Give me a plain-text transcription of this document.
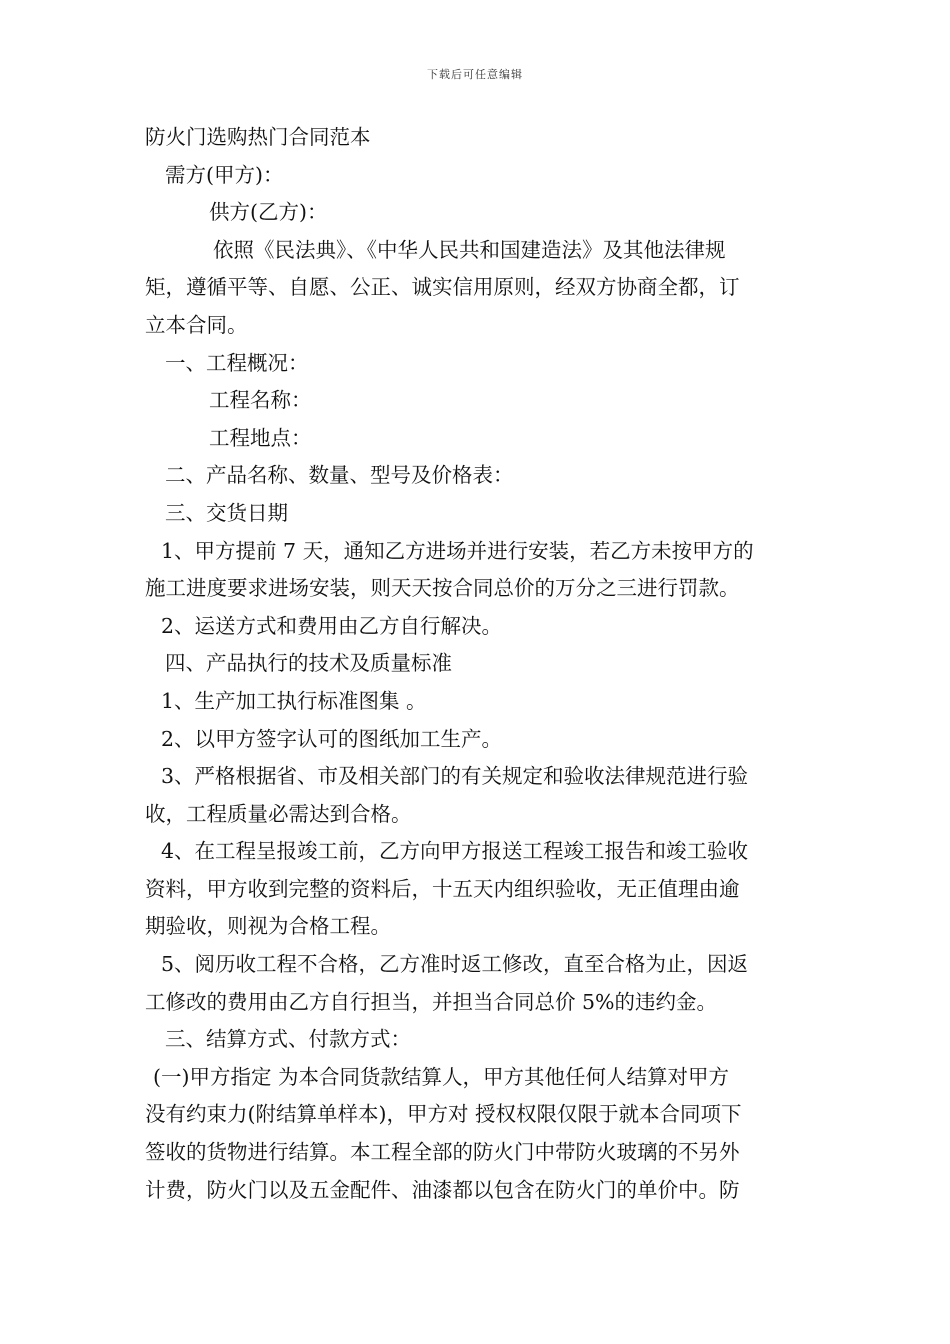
下载后可任意编辑
防火门选购热门合同范本
需方(甲方)：
供方(乙方)：
依照《民法典》、《中华人民共和国建造法》及其他法律规
矩，遵循平等、自愿、公正、诚实信用原则，经双方协商全都，订
立本合同。
一、工程概况：
工程名称：
工程地点：
二、产品名称、数量、型号及价格表：
三、交货日期
1、甲方提前 7 天，通知乙方进场并进行安装，若乙方未按甲方的
施工进度要求进场安装，则天天按合同总价的万分之三进行罚款。
2、运送方式和费用由乙方自行解决。
四、产品执行的技术及质量标准
1、生产加工执行标准图集 。
2、以甲方签字认可的图纸加工生产。
3、严格根据省、市及相关部门的有关规定和验收法律规范进行验
收，工程质量必需达到合格。
4、在工程呈报竣工前，乙方向甲方报送工程竣工报告和竣工验收
资料，甲方收到完整的资料后，十五天内组织验收，无正值理由逾
期验收，则视为合格工程。
5、阅历收工程不合格，乙方准时返工修改，直至合格为止，因返
工修改的费用由乙方自行担当，并担当合同总价 5%的违约金。
三、结算方式、付款方式：
(一)甲方指定 为本合同货款结算人，甲方其他任何人结算对甲方
没有约束力(附结算单样本)，甲方对 授权权限仅限于就本合同项下
签收的货物进行结算。本工程全部的防火门中带防火玻璃的不另外
计费，防火门以及五金配件、油漆都以包含在防火门的单价中。防
